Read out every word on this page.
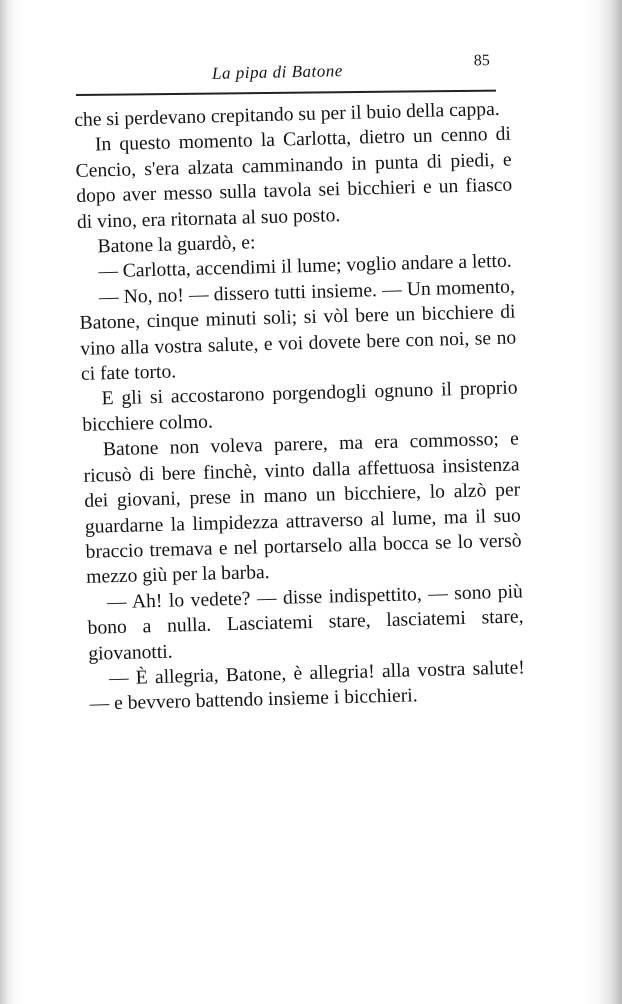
La pipa di Batone
85

che si perdevano crepitando su per il buio della cappa.

In questo momento la Carlotta, dietro un cenno di Cencio, s'era alzata camminando in punta di piedi, e dopo aver messo sulla tavola sei bicchieri e un fiasco di vino, era ritornata al suo posto.

Batone la guardò, e:

— Carlotta, accendimi il lume; voglio andare a letto.

— No, no! — dissero tutti insieme. — Un momento, Batone, cinque minuti soli; si vòl bere un bicchiere di vino alla vostra salute, e voi dovete bere con noi, se no ci fate torto.

E gli si accostarono porgendogli ognuno il proprio bicchiere colmo.

Batone non voleva parere, ma era commosso; e ricusò di bere finchè, vinto dalla affettuosa insistenza dei giovani, prese in mano un bicchiere, lo alzò per guardarne la limpidezza attraverso al lume, ma il suo braccio tremava e nel portarselo alla bocca se lo versò mezzo giù per la barba.

— Ah! lo vedete? — disse indispettito, — sono più bono a nulla. Lasciatemi stare, lasciatemi stare, giovanotti.

— È allegria, Batone, è allegria! alla vostra salute! — e bevvero battendo insieme i bicchieri.
